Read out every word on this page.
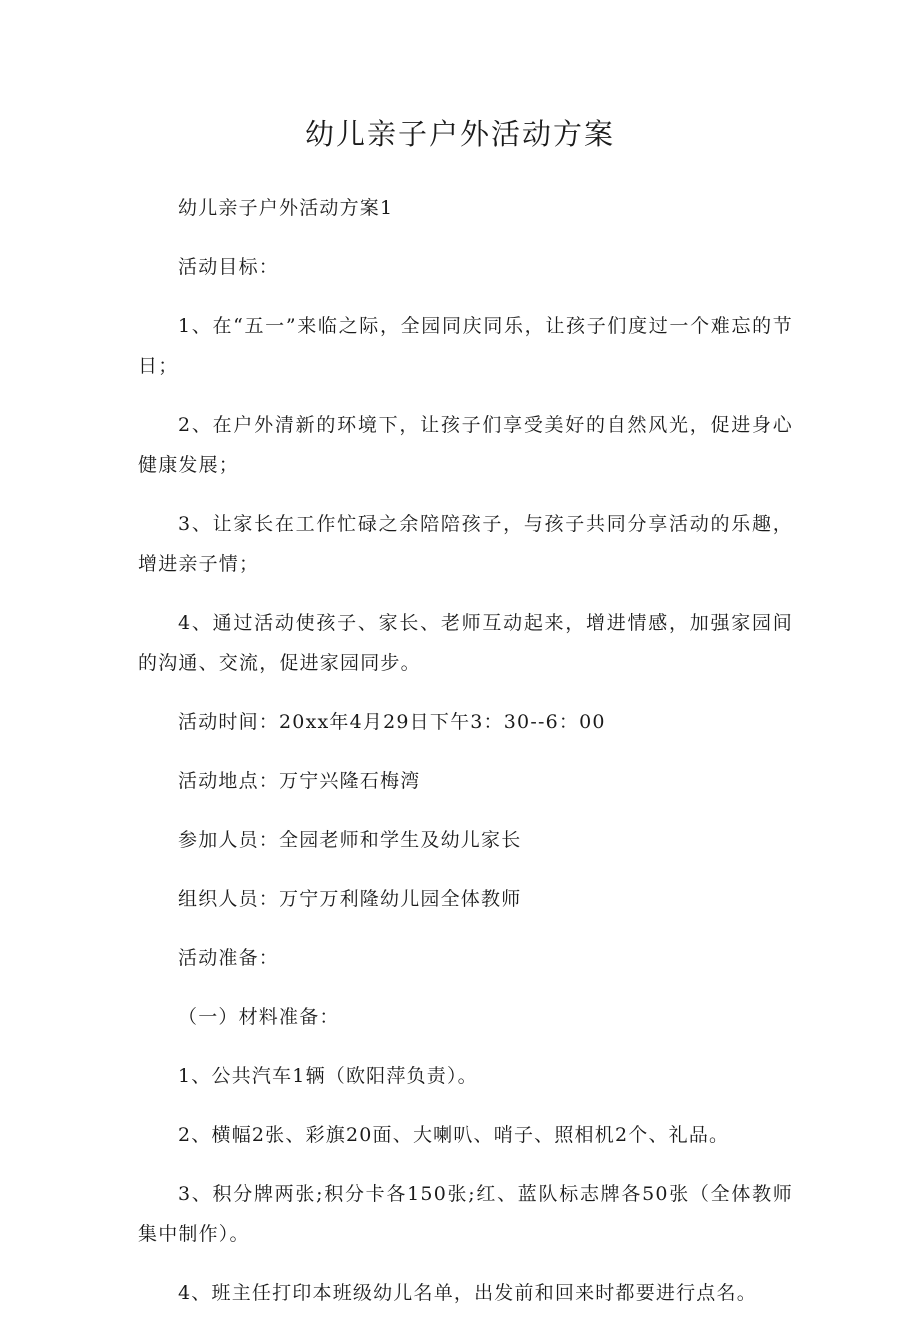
幼儿亲子户外活动方案

幼儿亲子户外活动方案1

活动目标：

1、在“五一”来临之际，全园同庆同乐，让孩子们度过一个难忘的节日；

2、在户外清新的环境下，让孩子们享受美好的自然风光，促进身心健康发展；

3、让家长在工作忙碌之余陪陪孩子，与孩子共同分享活动的乐趣，增进亲子情；

4、通过活动使孩子、家长、老师互动起来，增进情感，加强家园间的沟通、交流，促进家园同步。

活动时间：20xx年4月29日下午3：30--6：00

活动地点：万宁兴隆石梅湾

参加人员：全园老师和学生及幼儿家长

组织人员：万宁万利隆幼儿园全体教师

活动准备：

（一）材料准备：

1、公共汽车1辆（欧阳萍负责）。

2、横幅2张、彩旗20面、大喇叭、哨子、照相机2个、礼品。

3、积分牌两张;积分卡各150张;红、蓝队标志牌各50张（全体教师集中制作）。

4、班主任打印本班级幼儿名单，出发前和回来时都要进行点名。
